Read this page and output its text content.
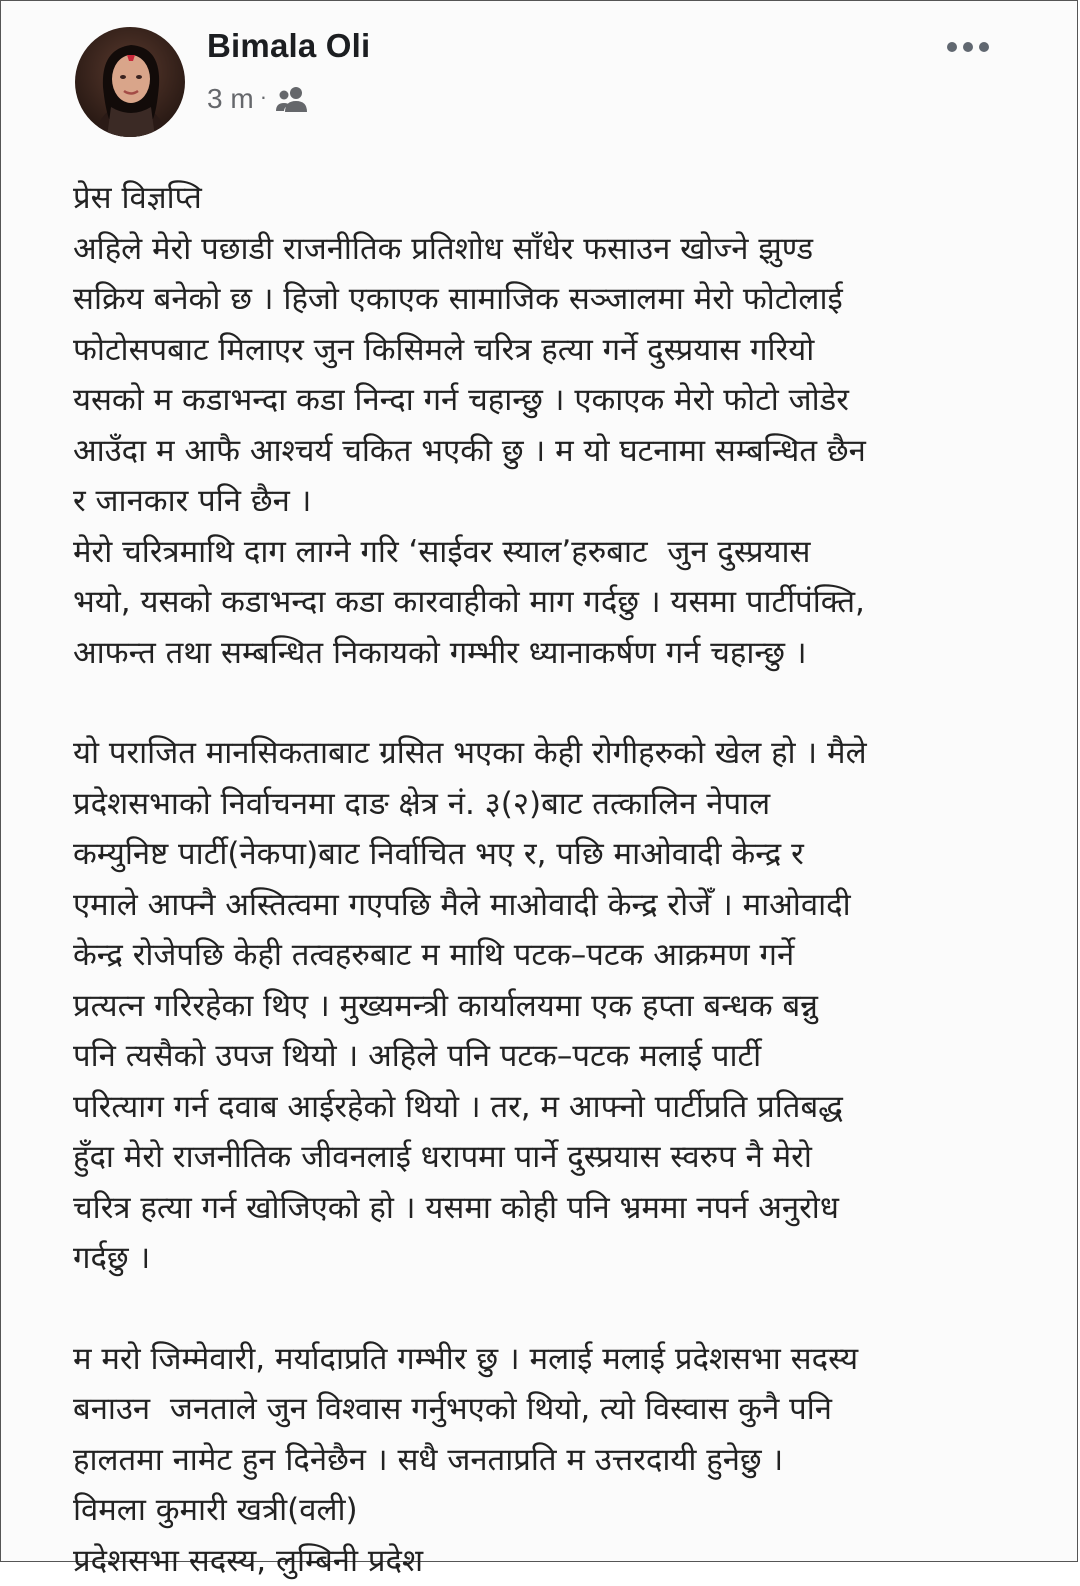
Bimala Oli
3 m ·

प्रेस विज्ञप्ति

अहिले मेरो पछाडी राजनीतिक प्रतिशोध साँधेर फसाउन खोज्ने झुण्ड

सक्रिय बनेको छ । हिजो एकाएक सामाजिक सञ्जालमा मेरो फोटोलाई

फोटोसपबाट मिलाएर जुन किसिमले चरित्र हत्या गर्ने दुस्प्रयास गरियो

यसको म कडाभन्दा कडा निन्दा गर्न चहान्छु । एकाएक मेरो फोटो जोडेर

आउँदा म आफै आश्चर्य चकित भएकी छु । म यो घटनामा सम्बन्धित छैन

र जानकार पनि छैन ।

मेरो चरित्रमाथि दाग लाग्ने गरि ‘साईवर स्याल’हरुबाट  जुन दुस्प्रयास

भयो, यसको कडाभन्दा कडा कारवाहीको माग गर्दछु । यसमा पार्टीपंक्ति,

आफन्त तथा सम्बन्धित निकायको गम्भीर ध्यानाकर्षण गर्न चहान्छु ।

यो पराजित मानसिकताबाट ग्रसित भएका केही रोगीहरुको खेल हो । मैले

प्रदेशसभाको निर्वाचनमा दाङ क्षेत्र नं. ३(२)बाट तत्कालिन नेपाल

कम्युनिष्ट पार्टी(नेकपा)बाट निर्वाचित भए र, पछि माओवादी केन्द्र र

एमाले आफ्नै अस्तित्वमा गएपछि मैले माओवादी केन्द्र रोजेँ । माओवादी

केन्द्र रोजेपछि केही तत्वहरुबाट म माथि पटक–पटक आक्रमण गर्ने

प्रत्यत्न गरिरहेका थिए । मुख्यमन्त्री कार्यालयमा एक हप्ता बन्धक बन्नु

पनि त्यसैको उपज थियो । अहिले पनि पटक–पटक मलाई पार्टी

परित्याग गर्न दवाब आईरहेको थियो । तर, म आफ्नो पार्टीप्रति प्रतिबद्ध

हुँदा मेरो राजनीतिक जीवनलाई धरापमा पार्ने दुस्प्रयास स्वरुप नै मेरो

चरित्र हत्या गर्न खोजिएको हो । यसमा कोही पनि भ्रममा नपर्न अनुरोध

गर्दछु ।

म मरो जिम्मेवारी, मर्यादाप्रति गम्भीर छु । मलाई मलाई प्रदेशसभा सदस्य

बनाउन  जनताले जुन विश्वास गर्नुभएको थियो, त्यो विस्वास कुनै पनि

हालतमा नामेट हुन दिनेछैन । सधै जनताप्रति म उत्तरदायी हुनेछु ।

विमला कुमारी खत्री(वली)

प्रदेशसभा सदस्य, लुम्बिनी प्रदेश
